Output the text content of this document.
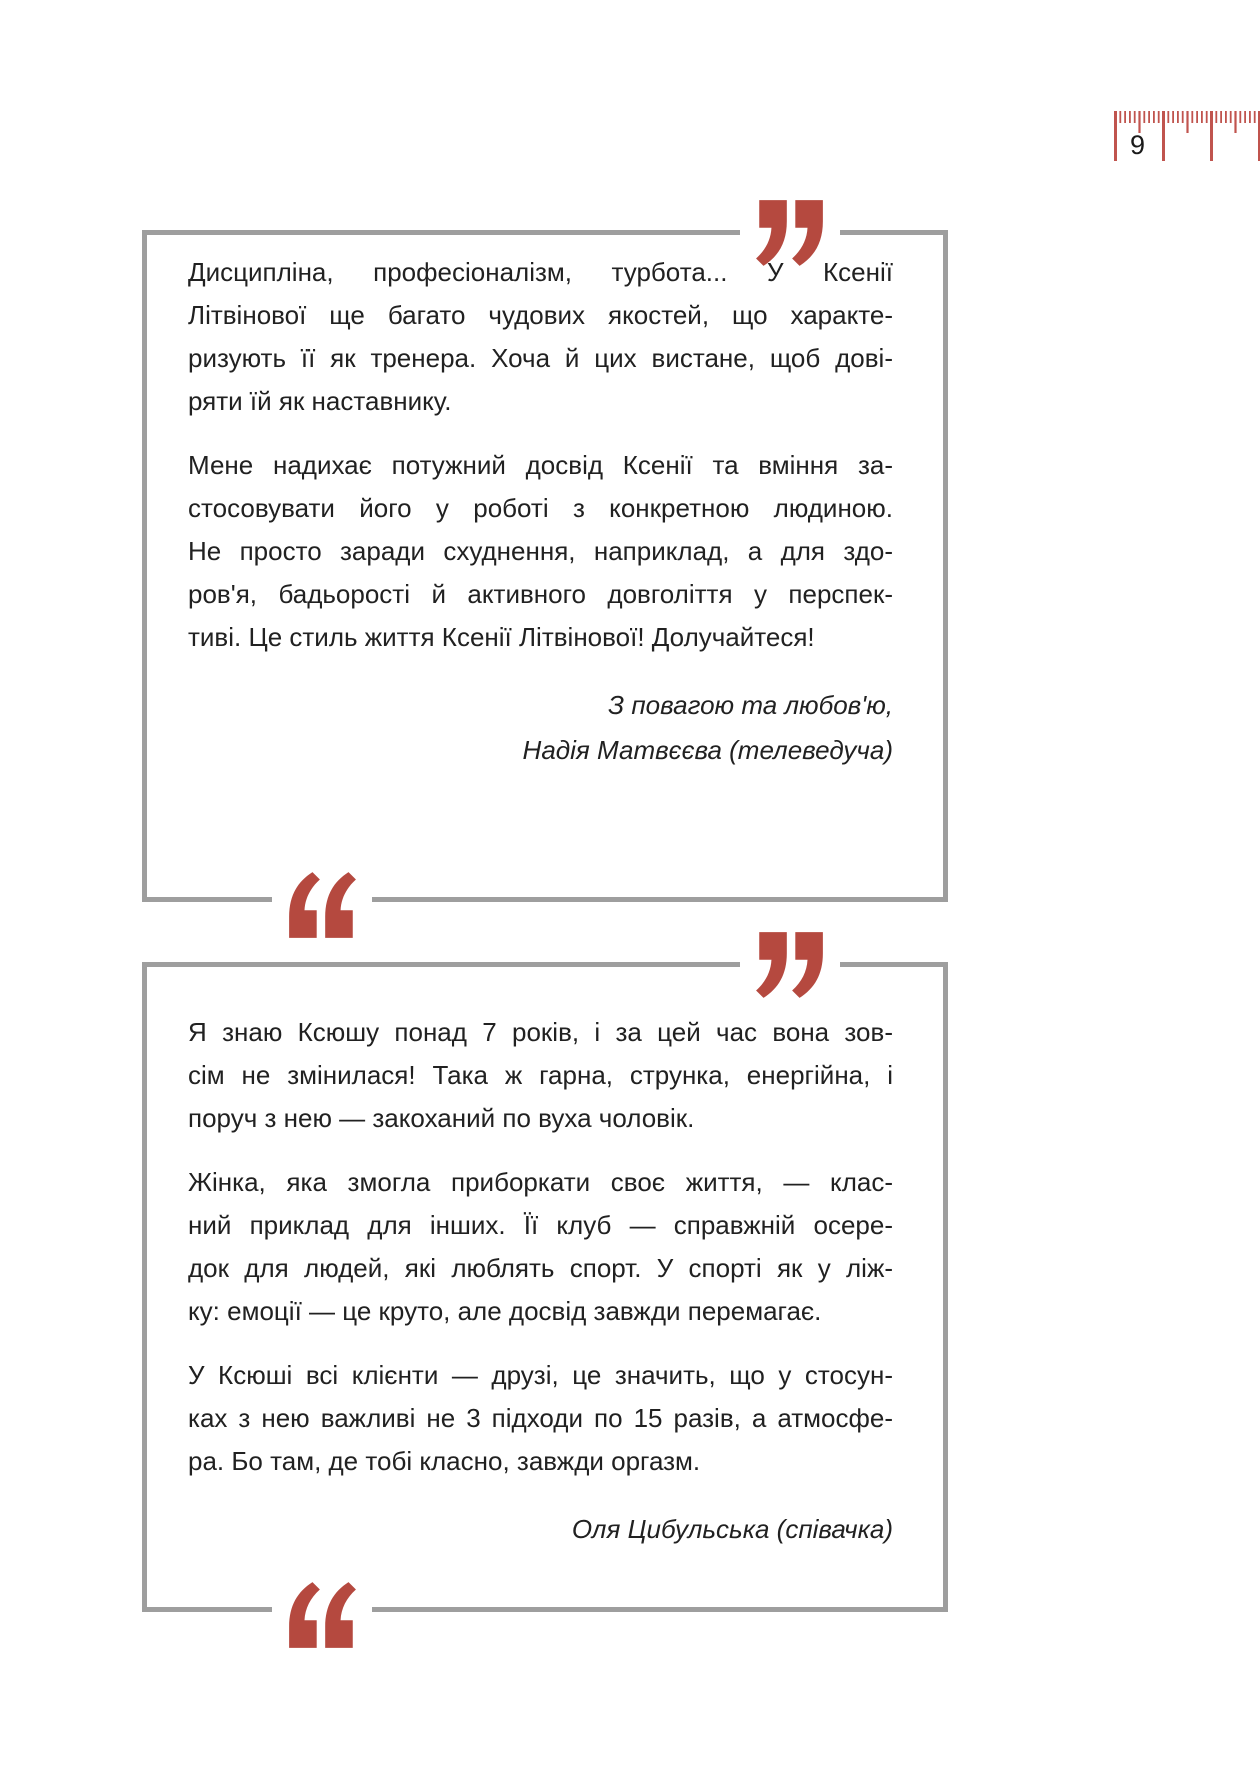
9
Дисципліна, професіоналізм, турбота... У Ксенії
Літвінової ще багато чудових якостей, що характе-
ризують її як тренера. Хоча й цих вистане, щоб дові-
ряти їй як наставнику.
Мене надихає потужний досвід Ксенії та вміння за-
стосовувати його у роботі з конкретною людиною.
Не просто заради схуднення, наприклад, а для здо-
ров'я, бадьорості й активного довголіття у перспек-
тиві. Це стиль життя Ксенії Літвінової! Долучайтеся!
З повагою та любов'ю,
Надія Матвєєва (телеведуча)
Я знаю Ксюшу понад 7 років, і за цей час вона зов-
сім не змінилася! Така ж гарна, струнка, енергійна, і
поруч з нею — закоханий по вуха чоловік.
Жінка, яка змогла приборкати своє життя, — клас-
ний приклад для інших. Її клуб — справжній осере-
док для людей, які люблять спорт. У спорті як у ліж-
ку: емоції — це круто, але досвід завжди перемагає.
У Ксюші всі клієнти — друзі, це значить, що у стосун-
ках з нею важливі не 3 підходи по 15 разів, а атмосфе-
ра. Бо там, де тобі класно, завжди оргазм.
Оля Цибульська (співачка)
